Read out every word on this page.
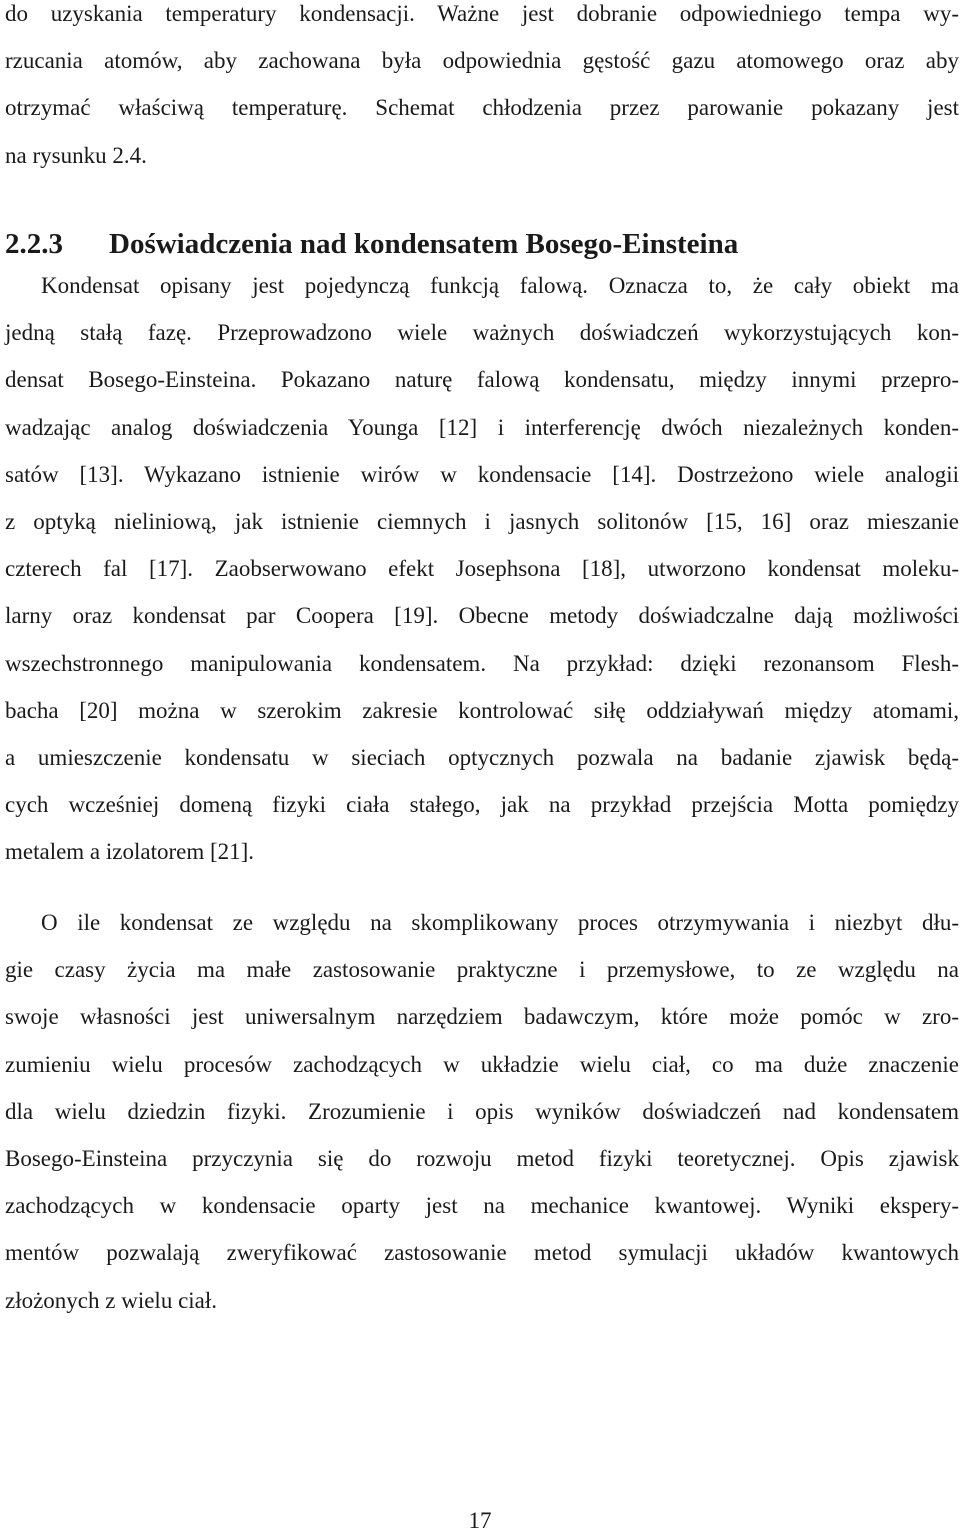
do uzyskania temperatury kondensacji. Ważne jest dobranie odpowiedniego tempa wy-
rzucania atomów, aby zachowana była odpowiednia gęstość gazu atomowego oraz aby
otrzymać właściwą temperaturę. Schemat chłodzenia przez parowanie pokazany jest
na rysunku 2.4.

2.2.3 Doświadczenia nad kondensatem Bosego-Einsteina

Kondensat opisany jest pojedynczą funkcją falową. Oznacza to, że cały obiekt ma
jedną stałą fazę. Przeprowadzono wiele ważnych doświadczeń wykorzystujących kon-
densat Bosego-Einsteina. Pokazano naturę falową kondensatu, między innymi przepro-
wadzając analog doświadczenia Younga [12] i interferencję dwóch niezależnych konden-
satów [13]. Wykazano istnienie wirów w kondensacie [14]. Dostrzeżono wiele analogii
z optyką nieliniową, jak istnienie ciemnych i jasnych solitonów [15, 16] oraz mieszanie
czterech fal [17]. Zaobserwowano efekt Josephsona [18], utworzono kondensat moleku-
larny oraz kondensat par Coopera [19]. Obecne metody doświadczalne dają możliwości
wszechstronnego manipulowania kondensatem. Na przykład: dzięki rezonansom Flesh-
bacha [20] można w szerokim zakresie kontrolować siłę oddziaływań między atomami,
a umieszczenie kondensatu w sieciach optycznych pozwala na badanie zjawisk będą-
cych wcześniej domeną fizyki ciała stałego, jak na przykład przejścia Motta pomiędzy
metalem a izolatorem [21].

O ile kondensat ze względu na skomplikowany proces otrzymywania i niezbyt dłu-
gie czasy życia ma małe zastosowanie praktyczne i przemysłowe, to ze względu na
swoje własności jest uniwersalnym narzędziem badawczym, które może pomóc w zro-
zumieniu wielu procesów zachodzących w układzie wielu ciał, co ma duże znaczenie
dla wielu dziedzin fizyki. Zrozumienie i opis wyników doświadczeń nad kondensatem
Bosego-Einsteina przyczynia się do rozwoju metod fizyki teoretycznej. Opis zjawisk
zachodzących w kondensacie oparty jest na mechanice kwantowej. Wyniki ekspery-
mentów pozwalają zweryfikować zastosowanie metod symulacji układów kwantowych
złożonych z wielu ciał.

17
